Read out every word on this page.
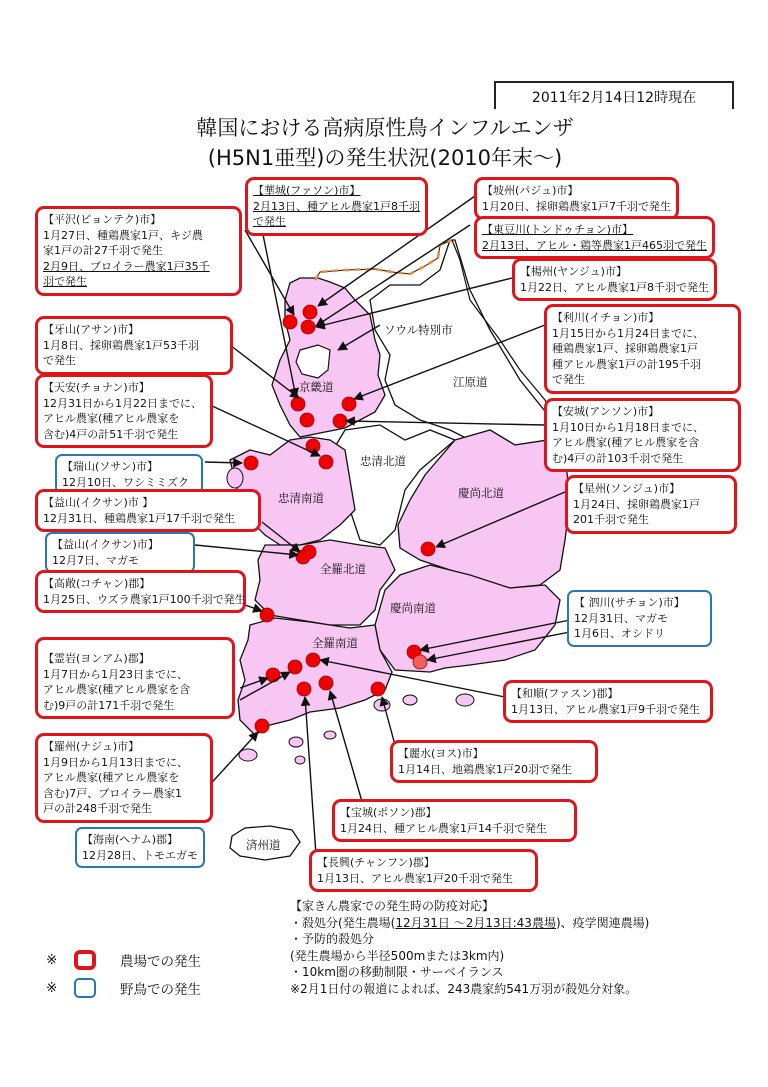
2011年2月14日12時現在
韓国における高病原性鳥インフルエンザ
(H5N1亜型)の発生状況(2010年末～)
ソウル特別市
京畿道	江原道
忠清北道
忠清南道	慶尚北道
全羅北道
慶尚南道
全羅南道
済州道
【華城(ファソン)市】
2月13日、種アヒル農家1戸8千羽
で発生
【坡州(パジュ)市】
1月20日、採卵鶏農家1戸7千羽で発生
【平沢(ピョンテク)市】
1月27日、種鶏農家1戸、キジ農
家1戸の計27千羽で発生
2月9日、ブロイラー農家1戸35千
羽で発生
【東豆川(トンドゥチョン)市】
2月13日、アヒル・鶏等農家1戸465羽で発生
【楊州(ヤンジュ)市】
1月22日、アヒル農家1戸8千羽で発生
【牙山(アサン)市】
1月8日、採卵鶏農家1戸53千羽
で発生
【利川(イチョン)市】
1月15日から1月24日までに、
種鶏農家1戸、採卵鶏農家1戸
種アヒル農家1戸の計195千羽
で発生
【天安(チョナン)市】
12月31日から1月22日までに、
アヒル農家(種アヒル農家を
含む)4戸の計51千羽で発生
【安城(アンソン)市】
1月10日から1月18日までに、
アヒル農家(種アヒル農家を含
む)4戸の計103千羽で発生
【瑞山(ソサン)市】
12月10日、ワシミミズク
【益山(イクサン)市 】
12月31日、種鶏農家1戸17千羽で発生
【星州(ソンジュ)市】
1月24日、採卵鶏農家1戸
201千羽で発生
【益山(イクサン)市】
12月7日、マガモ
【高敞(コチャン)郡】
1月25日、ウズラ農家1戸100千羽で発生	【 泗川(サチョン)市】
12月31日、マガモ
1月6日、オシドリ
【霊岩(ヨンアム)郡】
1月7日から1月23日までに、
アヒル農家(種アヒル農家を含
む)9戸の計171千羽で発生
【和順(ファスン)郡】
1月13日、アヒル農家1戸9千羽で発生
【羅州(ナジュ)市】
1月9日から1月13日までに、
アヒル農家(種アヒル農家を
含む)7戸、ブロイラー農家1
戸の計248千羽で発生
【麗水(ヨス)市】
1月14日、地鶏農家1戸20羽で発生
【宝城(ポソン)郡】
1月24日、種アヒル農家1戸14千羽で発生
【海南(ヘナム)郡】
12月28日、トモエガモ
【長興(チャンフン)郡】
1月13日、アヒル農家1戸20千羽で発生
【家きん農家での発生時の防疫対応】
・殺処分(発生農場(12月31日 ～2月13日:43農場)、疫学関連農場)
・予防的殺処分
(発生農場から半径500mまたは3km内)
・10km圏の移動制限・サーベイランス
※2月1日付の報道によれば、243農家約541万羽が殺処分対象。
※	農場での発生
※	野鳥での発生
